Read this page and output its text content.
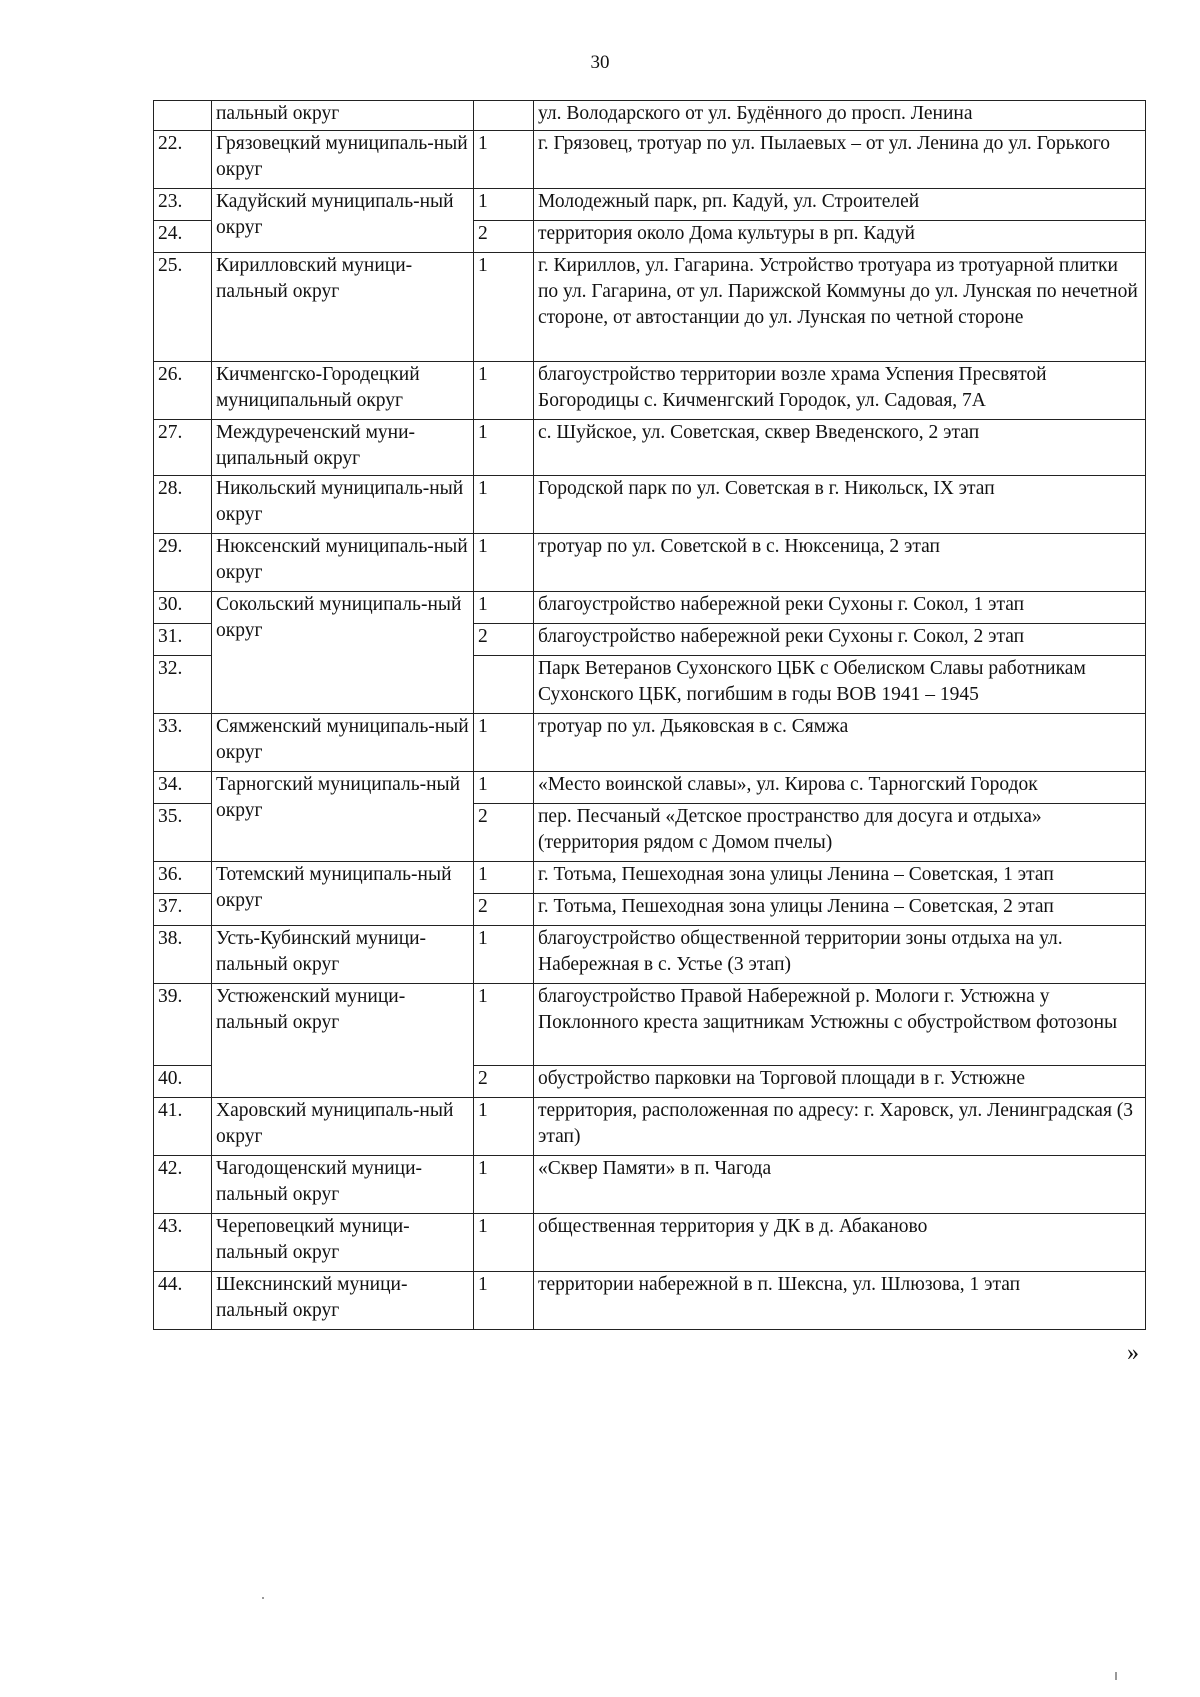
30
	пальный округ		ул. Володарского от ул. Будённого до просп. Ленина
22.	Грязовецкий муниципаль-ный округ	1	г. Грязовец, тротуар по ул. Пылаевых – от ул. Ленина до ул. Горького
23.	Кадуйский муниципаль-ный округ	1	Молодежный парк, рп. Кадуй, ул. Строителей
24.		2	территория около Дома культуры в рп. Кадуй
25.	Кирилловский муници-пальный округ	1	г. Кириллов, ул. Гагарина. Устройство тротуара из тротуарной плитки по ул. Гагарина, от ул. Парижской Коммуны до ул. Лунская по нечетной стороне, от автостанции до ул. Лунская по четной стороне
26.	Кичменгско-Городецкий муниципальный округ	1	благоустройство территории возле храма Успения Пресвятой Богородицы с. Кичменгский Городок, ул. Садовая, 7А
27.	Междуреченский муни-ципальный округ	1	с. Шуйское, ул. Советская, сквер Введенского, 2 этап
28.	Никольский муниципаль-ный округ	1	Городской парк по ул. Советская в г. Никольск, IX этап
29.	Нюксенский муниципаль-ный округ	1	тротуар по ул. Советской в с. Нюксеница, 2 этап
30.	Сокольский муниципаль-ный округ	1	благоустройство набережной реки Сухоны г. Сокол, 1 этап
31.		2	благоустройство набережной реки Сухоны г. Сокол, 2 этап
32.			Парк Ветеранов Сухонского ЦБК с Обелиском Славы работникам Сухонского ЦБК, погибшим в годы ВОВ 1941 – 1945
33.	Сямженский муниципаль-ный округ	1	тротуар по ул. Дьяковская в с. Сямжа
34.	Тарногский муниципаль-ный округ	1	«Место воинской славы», ул. Кирова с. Тарногский Городок
35.		2	пер. Песчаный «Детское пространство для досуга и отдыха» (территория рядом с Домом пчелы)
36.	Тотемский муниципаль-ный округ	1	г. Тотьма, Пешеходная зона улицы Ленина – Советская, 1 этап
37.		2	г. Тотьма, Пешеходная зона улицы Ленина – Советская, 2 этап
38.	Усть-Кубинский муници-пальный округ	1	благоустройство общественной территории зоны отдыха на ул. Набережная в с. Устье (3 этап)
39.	Устюженский муници-пальный округ	1	благоустройство Правой Набережной р. Мологи г. Устюжна у Поклонного креста защитникам Устюжны с обустройством фотозоны
40.		2	обустройство парковки на Торговой площади в г. Устюжне
41.	Харовский муниципаль-ный округ	1	территория, расположенная по адресу: г. Харовск, ул. Ленинградская (3 этап)
42.	Чагодощенский муници-пальный округ	1	«Сквер Памяти» в п. Чагода
43.	Череповецкий муници-пальный округ	1	общественная территория у ДК в д. Абаканово
44.	Шекснинский муници-пальный округ	1	территории набережной в п. Шексна, ул. Шлюзова, 1 этап
»
